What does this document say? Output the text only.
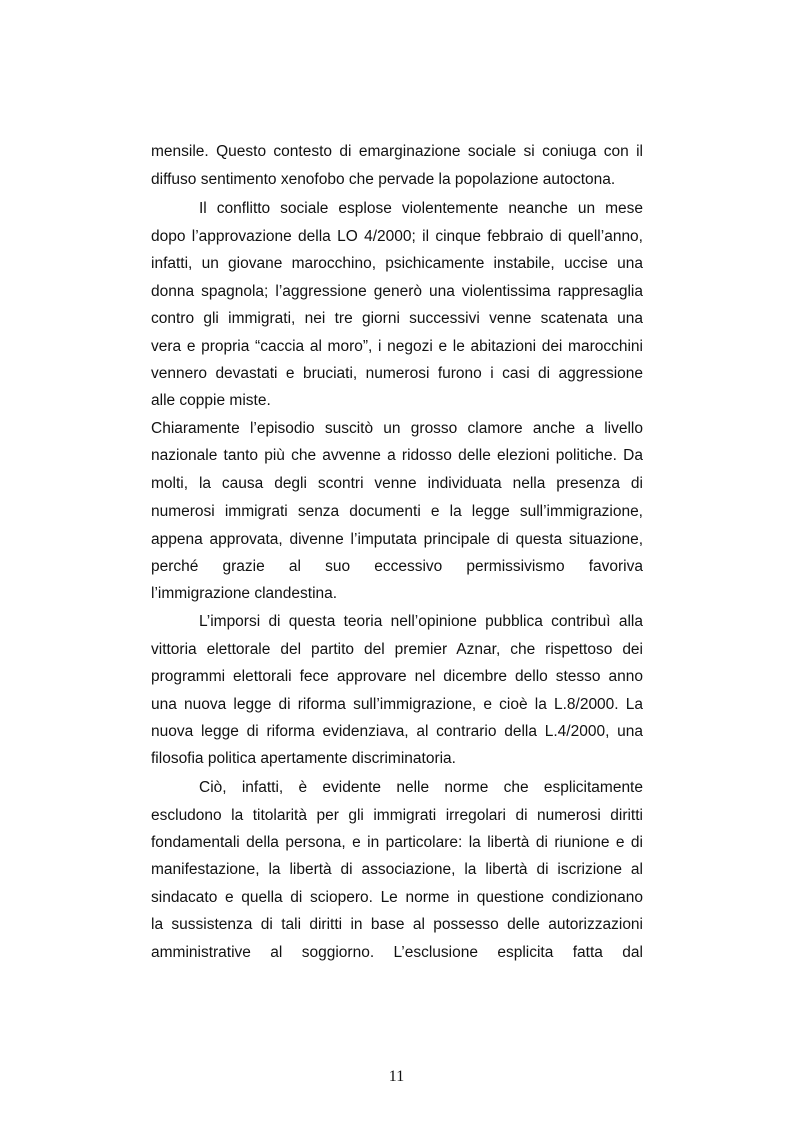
mensile. Questo contesto di emarginazione sociale si coniuga con il
diffuso sentimento xenofobo che pervade la popolazione autoctona.
Il conflitto sociale esplose violentemente neanche un mese
dopo l’approvazione della LO 4/2000; il cinque febbraio di quell’anno,
infatti, un giovane marocchino, psichicamente instabile, uccise una
donna spagnola; l’aggressione generò una violentissima rappresaglia
contro gli immigrati, nei tre giorni successivi venne scatenata una
vera e propria “caccia al moro”, i negozi e le abitazioni dei marocchini
vennero devastati e bruciati, numerosi furono i casi di aggressione
alle coppie miste.
Chiaramente l’episodio suscitò un grosso clamore anche a livello
nazionale tanto più che avvenne a ridosso delle elezioni politiche. Da
molti, la causa degli scontri venne individuata nella presenza di
numerosi immigrati senza documenti e la legge sull’immigrazione,
appena approvata, divenne l’imputata principale di questa situazione,
perché grazie al suo eccessivo permissivismo favoriva
l’immigrazione clandestina.
L’imporsi di questa teoria nell’opinione pubblica contribuì alla
vittoria elettorale del partito del premier Aznar, che rispettoso dei
programmi elettorali fece approvare nel dicembre dello stesso anno
una nuova legge di riforma sull’immigrazione, e cioè la L.8/2000. La
nuova legge di riforma evidenziava, al contrario della L.4/2000, una
filosofia politica apertamente discriminatoria.
Ciò, infatti, è evidente nelle norme che esplicitamente
escludono la titolarità per gli immigrati irregolari di numerosi diritti
fondamentali della persona, e in particolare: la libertà di riunione e di
manifestazione, la libertà di associazione, la libertà di iscrizione al
sindacato e quella di sciopero. Le norme in questione condizionano
la sussistenza di tali diritti in base al possesso delle autorizzazioni
amministrative al soggiorno. L’esclusione esplicita fatta dal
11
